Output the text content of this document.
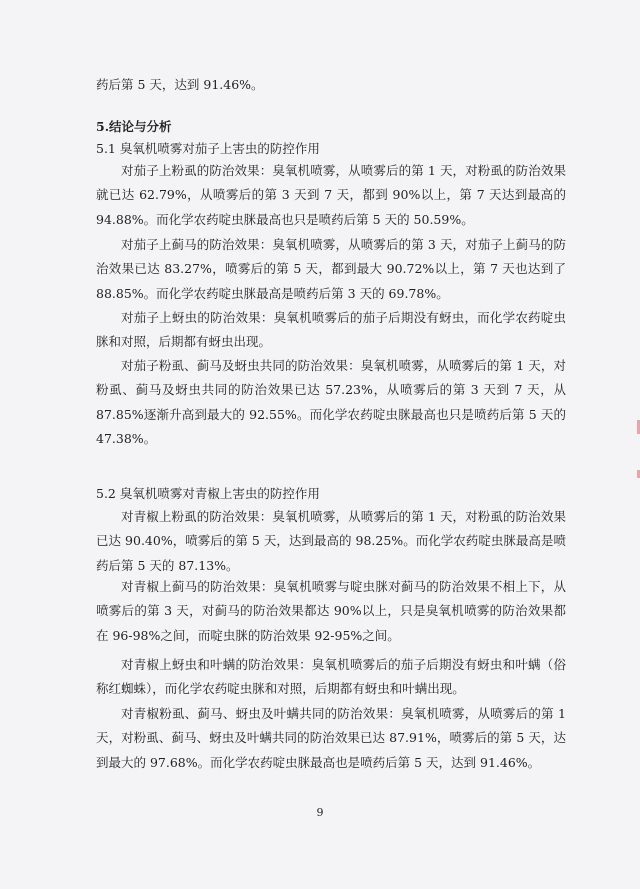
药后第 5 天，达到 91.46%。

5.结论与分析

5.1 臭氧机喷雾对茄子上害虫的防控作用

对茄子上粉虱的防治效果：臭氧机喷雾，从喷雾后的第 1 天，对粉虱的防治效果就已达 62.79%，从喷雾后的第 3 天到 7 天，都到 90%以上，第 7 天达到最高的 94.88%。而化学农药啶虫脒最高也只是喷药后第 5 天的 50.59%。

对茄子上蓟马的防治效果：臭氧机喷雾，从喷雾后的第 3 天，对茄子上蓟马的防治效果已达 83.27%，喷雾后的第 5 天，都到最大 90.72%以上，第 7 天也达到了 88.85%。而化学农药啶虫脒最高是喷药后第 3 天的 69.78%。

对茄子上蚜虫的防治效果：臭氧机喷雾后的茄子后期没有蚜虫，而化学农药啶虫脒和对照，后期都有蚜虫出现。

对茄子粉虱、蓟马及蚜虫共同的防治效果：臭氧机喷雾，从喷雾后的第 1 天，对粉虱、蓟马及蚜虫共同的防治效果已达 57.23%，从喷雾后的第 3 天到 7 天，从 87.85%逐渐升高到最大的 92.55%。而化学农药啶虫脒最高也只是喷药后第 5 天的 47.38%。

5.2 臭氧机喷雾对青椒上害虫的防控作用

对青椒上粉虱的防治效果：臭氧机喷雾，从喷雾后的第 1 天，对粉虱的防治效果已达 90.40%，喷雾后的第 5 天，达到最高的 98.25%。而化学农药啶虫脒最高是喷药后第 5 天的 87.13%。

对青椒上蓟马的防治效果：臭氧机喷雾与啶虫脒对蓟马的防治效果不相上下，从喷雾后的第 3 天，对蓟马的防治效果都达 90%以上，只是臭氧机喷雾的防治效果都在 96-98%之间，而啶虫脒的防治效果 92-95%之间。

对青椒上蚜虫和叶螨的防治效果：臭氧机喷雾后的茄子后期没有蚜虫和叶螨（俗称红蜘蛛），而化学农药啶虫脒和对照，后期都有蚜虫和叶螨出现。

对青椒粉虱、蓟马、蚜虫及叶螨共同的防治效果：臭氧机喷雾，从喷雾后的第 1 天，对粉虱、蓟马、蚜虫及叶螨共同的防治效果已达 87.91%，喷雾后的第 5 天，达到最大的 97.68%。而化学农药啶虫脒最高也是喷药后第 5 天，达到 91.46%。

9
